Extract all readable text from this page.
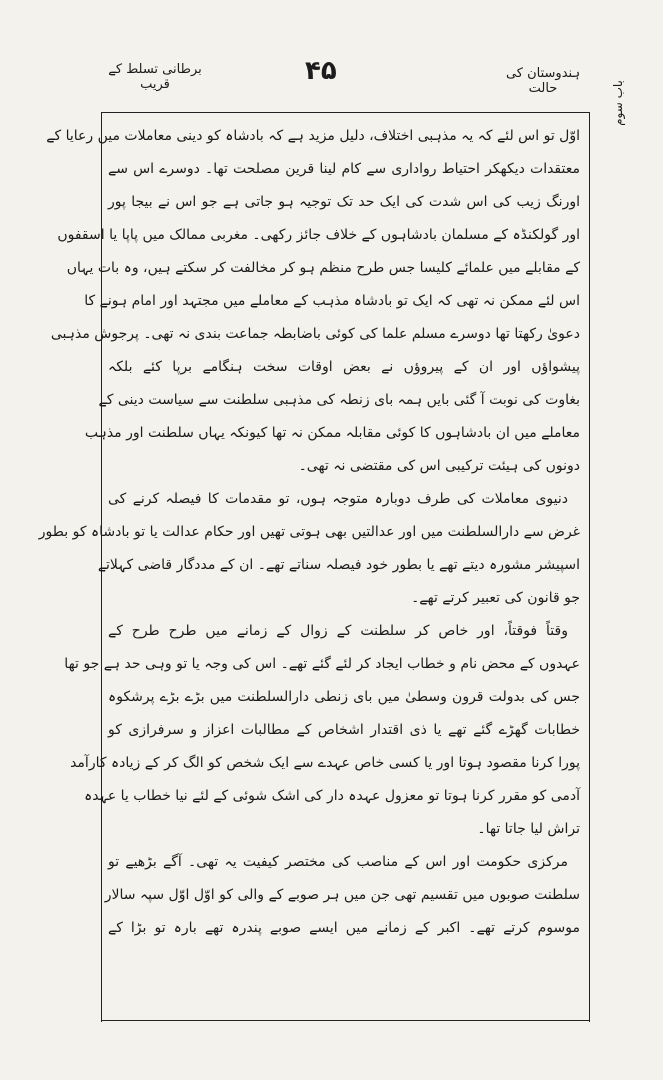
برطانی تسلط کے قریب	۴۵	ہندوستان کی حالت	باب سوم
اوّل تو اس لئے کہ یہ مذہبی اختلاف، دلیل مزید ہے کہ بادشاہ کو دینی معاملات میں رعایا کے
معتقدات دیکھکر احتیاط رواداری سے کام لینا قرین مصلحت تھا۔ دوسرے اس سے
اورنگ زیب کی اس شدت کی ایک حد تک توجیہ ہو جاتی ہے جو اس نے بیجا پور
اور گولکنڈہ کے مسلمان بادشاہوں کے خلاف جائز رکھی۔ مغربی ممالک میں پاپا یا اسقفوں
کے مقابلے میں علمائے کلیسا جس طرح منظم ہو کر مخالفت کر سکتے ہیں، وہ بات یہاں
اس لئے ممکن نہ تھی کہ ایک تو بادشاہ مذہب کے معاملے میں مجتہد اور امام ہونے کا
دعویٰ رکھتا تھا دوسرے مسلم علما کی کوئی باضابطہ جماعت بندی نہ تھی۔ پرجوش مذہبی
پیشواؤں اور ان کے پیروؤں نے بعض اوقات سخت ہنگامے برپا کئے بلکہ
بغاوت کی نوبت آ گئی بایں ہمہ بای زنطہ کی مذہبی سلطنت سے سیاست دینی کے
معاملے میں ان بادشاہوں کا کوئی مقابلہ ممکن نہ تھا کیونکہ یہاں سلطنت اور مذہب
دونوں کی ہیئت ترکیبی اس کی مقتضی نہ تھی۔
دنیوی معاملات کی طرف دوبارہ متوجہ ہوں، تو مقدمات کا فیصلہ کرنے کی
غرض سے دارالسلطنت میں اور عدالتیں بھی ہوتی تھیں اور حکام عدالت یا تو بادشاہ کو بطور
اسپیشر مشورہ دیتے تھے یا بطور خود فیصلہ سناتے تھے۔ ان کے مددگار قاضی کہلاتے
جو قانون کی تعبیر کرتے تھے۔
وقتاً فوقتاً، اور خاص کر سلطنت کے زوال کے زمانے میں طرح طرح کے
عہدوں کے محض نام و خطاب ایجاد کر لئے گئے تھے۔ اس کی وجہ یا تو وہی حد ہے جو تھا
جس کی بدولت قرون وسطیٰ میں بای زنطی دارالسلطنت میں بڑے بڑے پرشکوہ
خطابات گھڑے گئے تھے یا ذی اقتدار اشخاص کے مطالبات اعزاز و سرفرازی کو
پورا کرنا مقصود ہوتا اور یا کسی خاص عہدے سے ایک شخص کو الگ کر کے زیادہ کارآمد
آدمی کو مقرر کرنا ہوتا تو معزول عہدہ دار کی اشک شوئی کے لئے نیا خطاب یا عہدہ
تراش لیا جاتا تھا۔
مرکزی حکومت اور اس کے مناصب کی مختصر کیفیت یہ تھی۔ آگے بڑھیے تو
سلطنت صوبوں میں تقسیم تھی جن میں ہر صوبے کے والی کو اوّل اوّل سپہ سالار
موسوم کرتے تھے۔ اکبر کے زمانے میں ایسے صوبے پندرہ تھے بارہ تو بڑا کے
